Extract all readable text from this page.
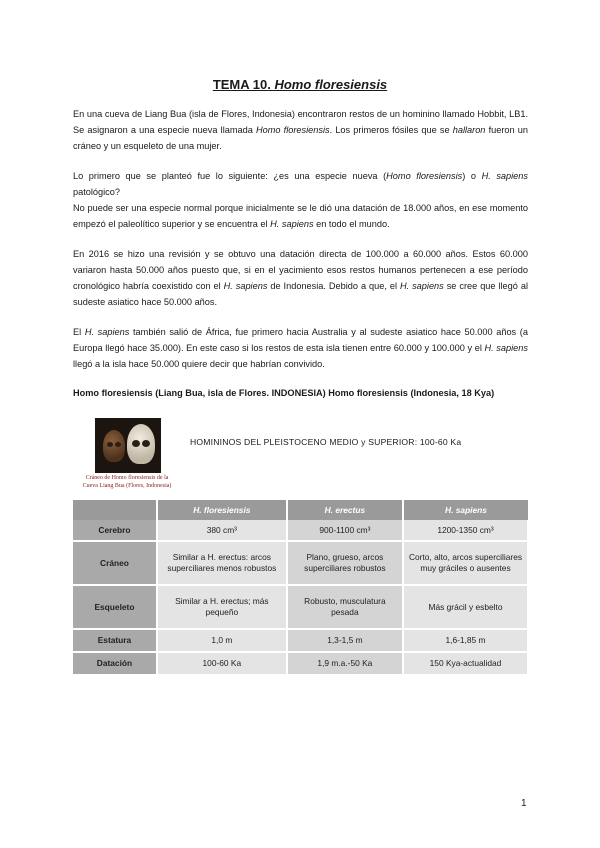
TEMA 10. Homo floresiensis

En una cueva de Liang Bua (isla de Flores, Indonesia) encontraron restos de un hominino llamado Hobbit, LB1. Se asignaron a una especie nueva llamada Homo floresiensis. Los primeros fósiles que se hallaron fueron un cráneo y un esqueleto de una mujer.

Lo primero que se planteó fue lo siguiente: ¿es una especie nueva (Homo floresiensis) o H. sapiens patológico?
No puede ser una especie normal porque inicialmente se le dió una datación de 18.000 años, en ese momento empezó el paleolítico superior y se encuentra el H. sapiens en todo el mundo.

En 2016 se hizo una revisión y se obtuvo una datación directa de 100.000 a 60.000 años. Estos 60.000 variaron hasta 50.000 años puesto que, si en el yacimiento esos restos humanos pertenecen a ese período cronológico habría coexistido con el H. sapiens de Indonesia. Debido a que, el H. sapiens se cree que llegó al sudeste asiatico hace 50.000 años.

El H. sapiens también salió de África, fue primero hacia Australia y al sudeste asiatico hace 50.000 años (a Europa llegó hace 35.000). En este caso si los restos de esta isla tienen entre 60.000 y 100.000 y el H. sapiens llegó a la isla hace 50.000 quiere decir que habrían convivido.

Homo floresiensis (Liang Bua, isla de Flores. INDONESIA) Homo floresiensis (Indonesia, 18 Kya)
Cráneo de Homo floresiensis de la
Cueva Liang Bua (Flores, Indonesia)
HOMININOS DEL PLEISTOCENO MEDIO y SUPERIOR: 100-60 Ka
	H. floresiensis	H. erectus	H. sapiens
Cerebro	380 cm³	900-1100 cm³	1200-1350 cm³
Cráneo	Similar a H. erectus: arcos superciliares menos robustos	Plano, grueso, arcos superciliares robustos	Corto, alto, arcos superciliares muy gráciles o ausentes
Esqueleto	Similar a H. erectus; más pequeño	Robusto, musculatura pesada	Más grácil y esbelto
Estatura	1,0 m	1,3-1,5 m	1,6-1,85 m
Datación	100-60 Ka	1,9 m.a.-50 Ka	150 Kya-actualidad
1
